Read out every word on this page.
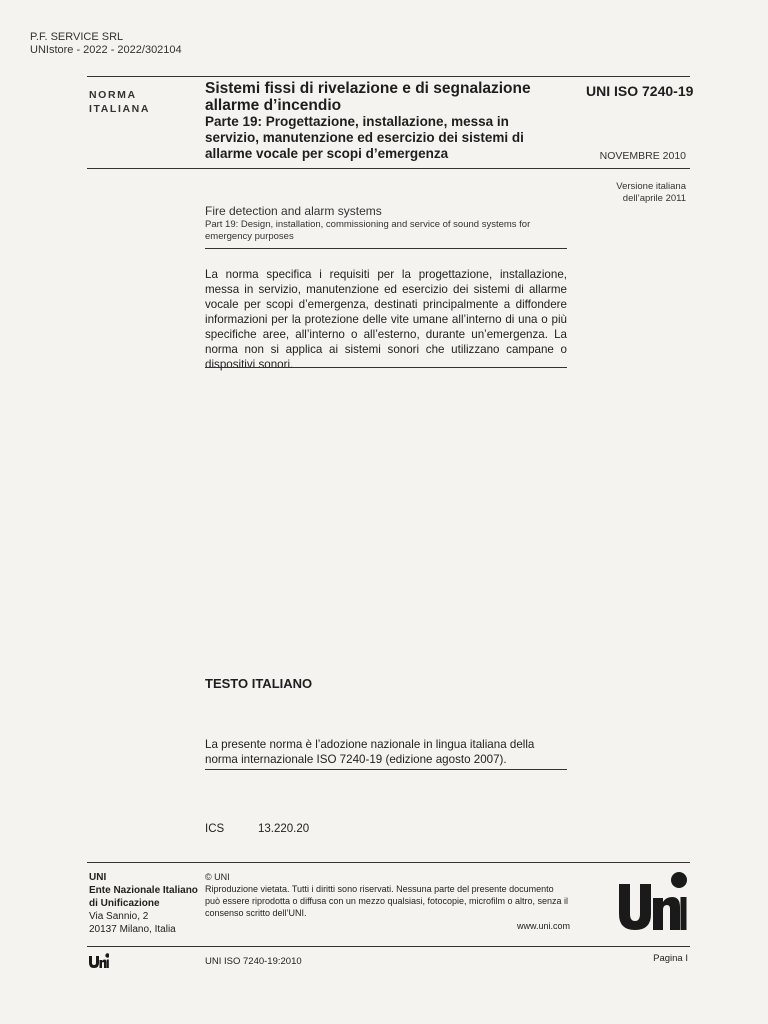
P.F. SERVICE SRL
UNIstore - 2022 - 2022/302104
NORMA
ITALIANA
Sistemi fissi di rivelazione e di segnalazione allarme d’incendio
Parte 19: Progettazione, installazione, messa in servizio, manutenzione ed esercizio dei sistemi di allarme vocale per scopi d’emergenza
UNI ISO 7240-19
NOVEMBRE 2010
Versione italiana
dell’aprile 2011
Fire detection and alarm systems
Part 19: Design, installation, commissioning and service of sound systems for emergency purposes
La norma specifica i requisiti per la progettazione, installazione, messa in servizio, manutenzione ed esercizio dei sistemi di allarme vocale per scopi d’emergenza, destinati principalmente a diffondere informazioni per la protezione delle vite umane all’interno di una o più specifiche aree, all’interno o all’esterno, durante un’emergenza. La norma non si applica ai sistemi sonori che utilizzano campane o dispositivi sonori.
TESTO ITALIANO
La presente norma è l’adozione nazionale in lingua italiana della norma internazionale ISO 7240-19 (edizione agosto 2007).
ICS	13.220.20
UNI
Ente Nazionale Italiano
di Unificazione
Via Sannio, 2
20137 Milano, Italia
© UNI
Riproduzione vietata. Tutti i diritti sono riservati. Nessuna parte del presente documento può essere riprodotta o diffusa con un mezzo qualsiasi, fotocopie, microfilm o altro, senza il consenso scritto dell’UNI.
www.uni.com
UNI ISO 7240-19:2010	Pagina I
